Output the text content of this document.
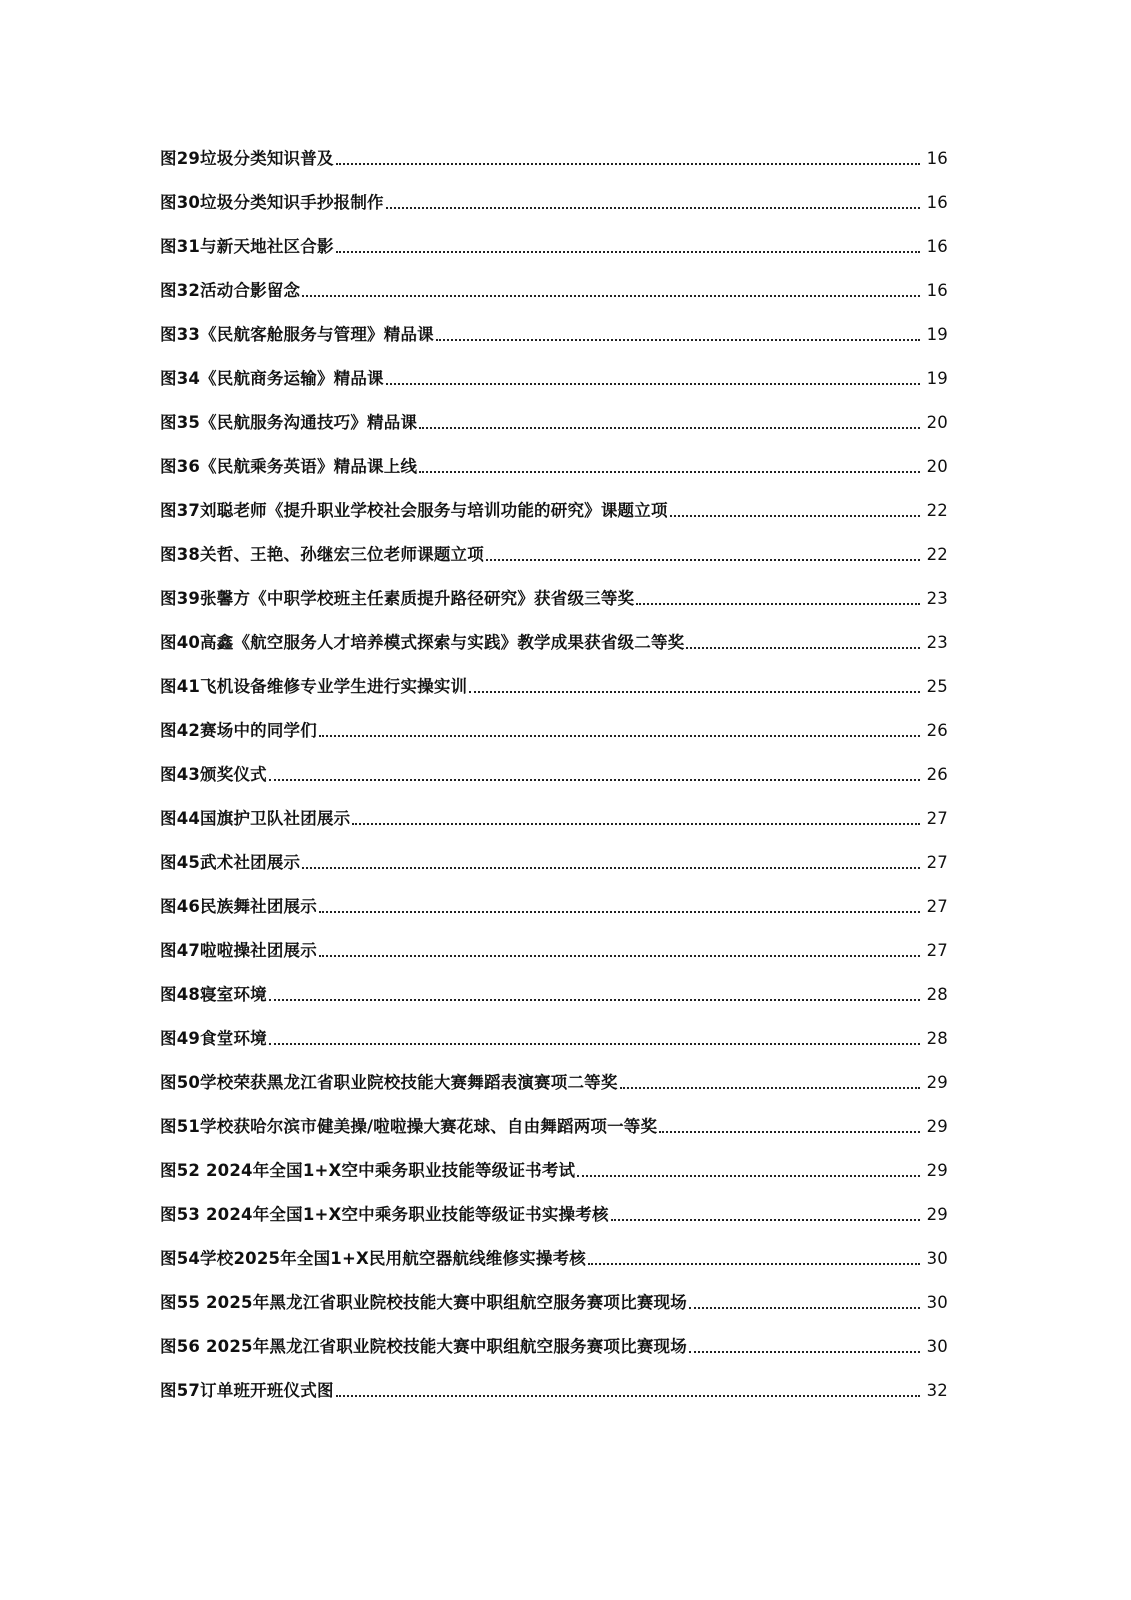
图29垃圾分类知识普及	16
图30垃圾分类知识手抄报制作	16
图31与新天地社区合影	16
图32活动合影留念	16
图33《民航客舱服务与管理》精品课	19
图34《民航商务运输》精品课	19
图35《民航服务沟通技巧》精品课	20
图36《民航乘务英语》精品课上线	20
图37刘聪老师《提升职业学校社会服务与培训功能的研究》课题立项	22
图38关哲、王艳、孙继宏三位老师课题立项	22
图39张馨方《中职学校班主任素质提升路径研究》获省级三等奖	23
图40高鑫《航空服务人才培养模式探索与实践》教学成果获省级二等奖	23
图41飞机设备维修专业学生进行实操实训	25
图42赛场中的同学们	26
图43颁奖仪式	26
图44国旗护卫队社团展示	27
图45武术社团展示	27
图46民族舞社团展示	27
图47啦啦操社团展示	27
图48寝室环境	28
图49食堂环境	28
图50学校荣获黑龙江省职业院校技能大赛舞蹈表演赛项二等奖	29
图51学校获哈尔滨市健美操/啦啦操大赛花球、自由舞蹈两项一等奖	29
图52 2024年全国1+X空中乘务职业技能等级证书考试	29
图53 2024年全国1+X空中乘务职业技能等级证书实操考核	29
图54学校2025年全国1+X民用航空器航线维修实操考核	30
图55 2025年黑龙江省职业院校技能大赛中职组航空服务赛项比赛现场	30
图56 2025年黑龙江省职业院校技能大赛中职组航空服务赛项比赛现场	30
图57订单班开班仪式图	32
